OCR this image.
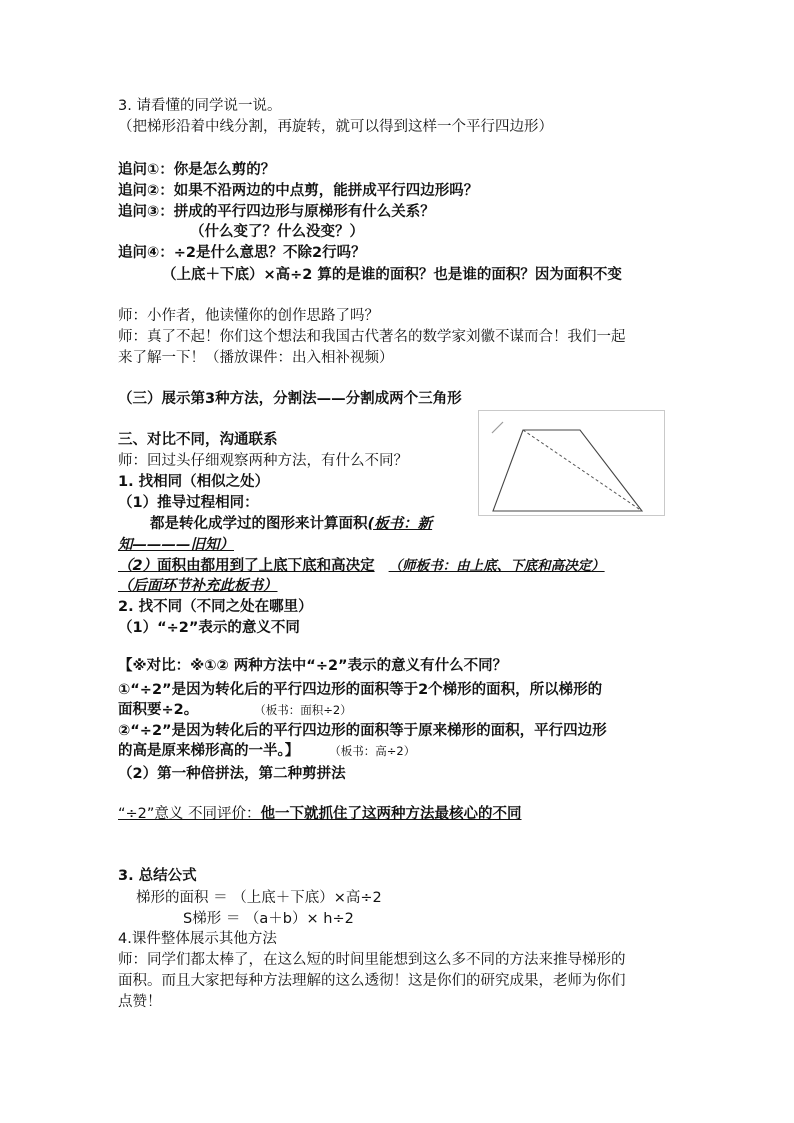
3. 请看懂的同学说一说。
（把梯形沿着中线分割，再旋转，就可以得到这样一个平行四边形）
追问①：你是怎么剪的？
追问②：如果不沿两边的中点剪，能拼成平行四边形吗？
追问③：拼成的平行四边形与原梯形有什么关系？
（什么变了？什么没变？）
追问④：÷2是什么意思？不除2行吗？
（上底＋下底）×高÷2 算的是谁的面积？也是谁的面积？因为面积不变
师：小作者，他读懂你的创作思路了吗？
师：真了不起！你们这个想法和我国古代著名的数学家刘徽不谋而合！我们一起
来了解一下！（播放课件：出入相补视频）
（三）展示第3种方法，分割法——分割成两个三角形
三、对比不同，沟通联系
师：回过头仔细观察两种方法，有什么不同？
1. 找相同（相似之处）
（1）推导过程相同：
都是转化成学过的图形来计算面积(板书：新
知————旧知）
（2）面积由都用到了上底下底和高决定 （师板书：由上底、下底和高决定）
（后面环节补充此板书）
2. 找不同（不同之处在哪里）
（1）“÷2”表示的意义不同
【※对比：※①② 两种方法中“÷2”表示的意义有什么不同？
①“÷2”是因为转化后的平行四边形的面积等于2个梯形的面积，所以梯形的
面积要÷2。	（板书：面积÷2）
②“÷2”是因为转化后的平行四边形的面积等于原来梯形的面积，平行四边形
的高是原来梯形高的一半。】	（板书：高÷2）
（2）第一种倍拼法，第二种剪拼法
“÷2”意义 不同评价：他一下就抓住了这两种方法最核心的不同
3. 总结公式
梯形的面积 ＝ （上底＋下底）×高÷2
S梯形 ＝ （a＋b）× h÷2
4.课件整体展示其他方法
师：同学们都太棒了，在这么短的时间里能想到这么多不同的方法来推导梯形的
面积。而且大家把每种方法理解的这么透彻！这是你们的研究成果，老师为你们
点赞！
